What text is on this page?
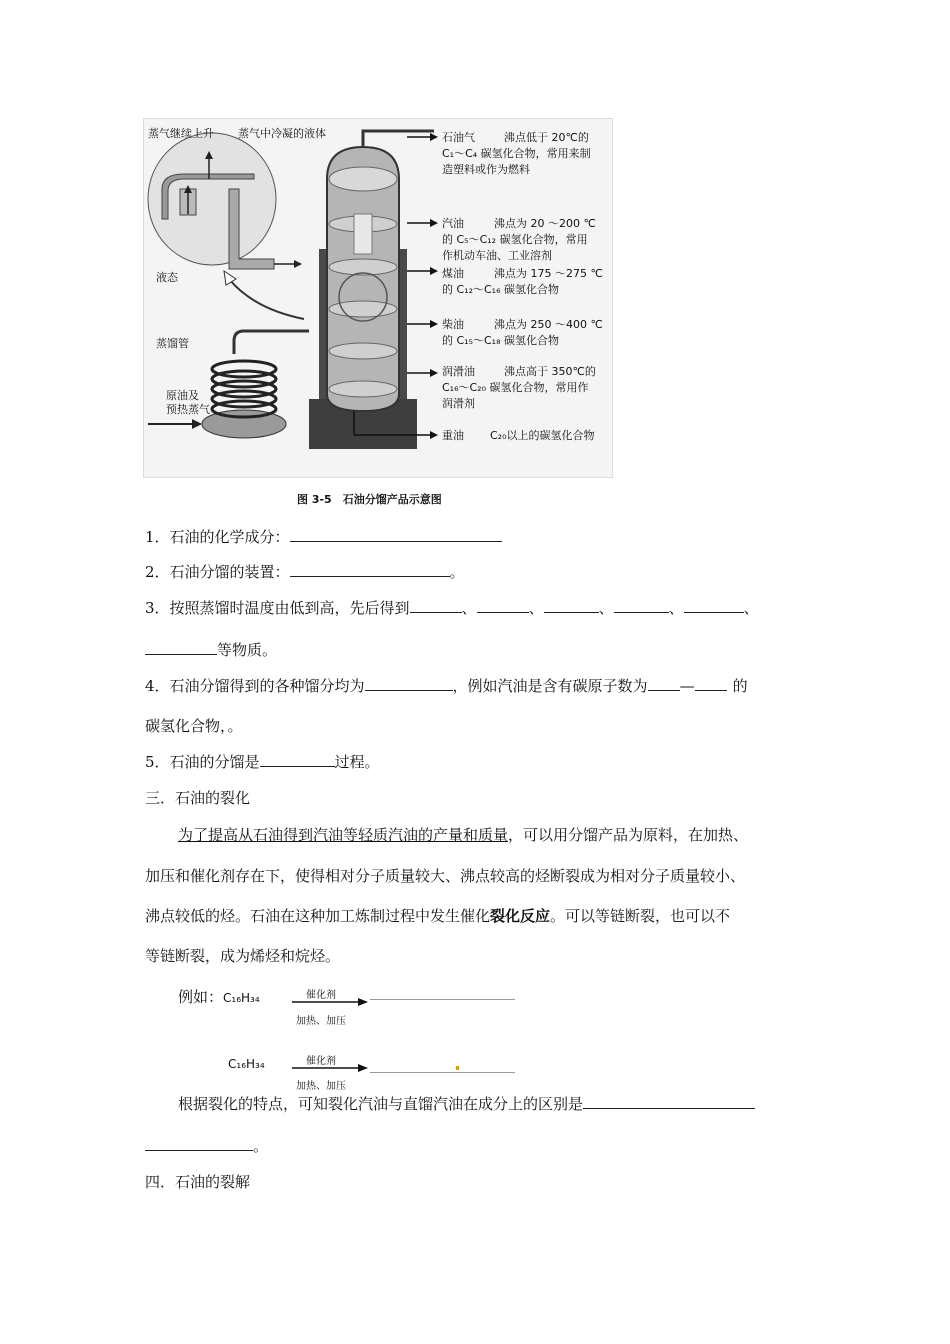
蒸气继续上升 蒸气中冷凝的液体
液态
蒸馏管
原油及
预热蒸气
石油气	沸点低于 20℃的
C₁～C₄ 碳氢化合物，常用来制
造塑料或作为燃料
汽油	沸点为 20 ～200 ℃
的 C₅～C₁₂ 碳氢化合物，常用
作机动车油、工业溶剂
煤油	沸点为 175 ～275 ℃
的 C₁₂～C₁₆ 碳氢化合物
柴油	沸点为 250 ～400 ℃
的 C₁₅～C₁₈ 碳氢化合物
润滑油	沸点高于 350℃的
C₁₆～C₂₀ 碳氢化合物，常用作
润滑剂
重油 C₂₀以上的碳氢化合物
图 3-5　石油分馏产品示意图
1．石油的化学成分：
2．石油分馏的装置：	。
3．按照蒸馏时温度由低到高，先后得到	、	、	、	、	、
等物质。
4．石油分馏得到的各种馏分均为	，例如汽油是含有碳原子数为 —	的
碳氢化合物，。
5．石油的分馏是	过程。
三．石油的裂化
为了提高从石油得到汽油等轻质汽油的产量和质量，可以用分馏产品为原料，在加热、
加压和催化剂存在下，使得相对分子质量较大、沸点较高的烃断裂成为相对分子质量较小、
沸点较低的烃。石油在这种加工炼制过程中发生催化裂化反应。可以等链断裂，也可以不
等链断裂，成为烯烃和烷烃。
例如：C₁₆H₃₄	催化剂
加热、加压
C₁₆H₃₄	催化剂
加热、加压
根据裂化的特点，可知裂化汽油与直馏汽油在成分上的区别是
。
四．石油的裂解
